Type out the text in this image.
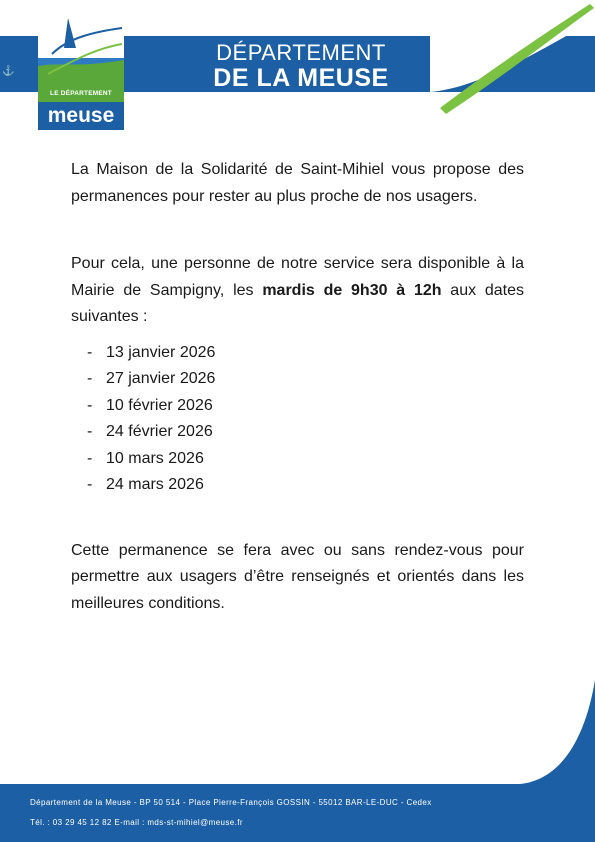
⚓
LE DÉPARTEMENT
meuse
DÉPARTEMENT
DE LA MEUSE

La Maison de la Solidarité de Saint-Mihiel vous propose des permanences pour rester au plus proche de nos usagers.

Pour cela, une personne de notre service sera disponible à la Mairie de Sampigny, les mardis de 9h30 à 12h aux dates suivantes :

- 13 janvier 2026
- 27 janvier 2026
- 10 février 2026
- 24 février 2026
- 10 mars 2026
- 24 mars 2026

Cette permanence se fera avec ou sans rendez-vous pour permettre aux usagers d’être renseignés et orientés dans les meilleures conditions.

Département de la Meuse - BP 50 514 - Place Pierre-François GOSSIN - 55012 BAR-LE-DUC - Cedex
Tél. : 03 29 45 12 82 E-mail : mds-st-mihiel@meuse.fr
